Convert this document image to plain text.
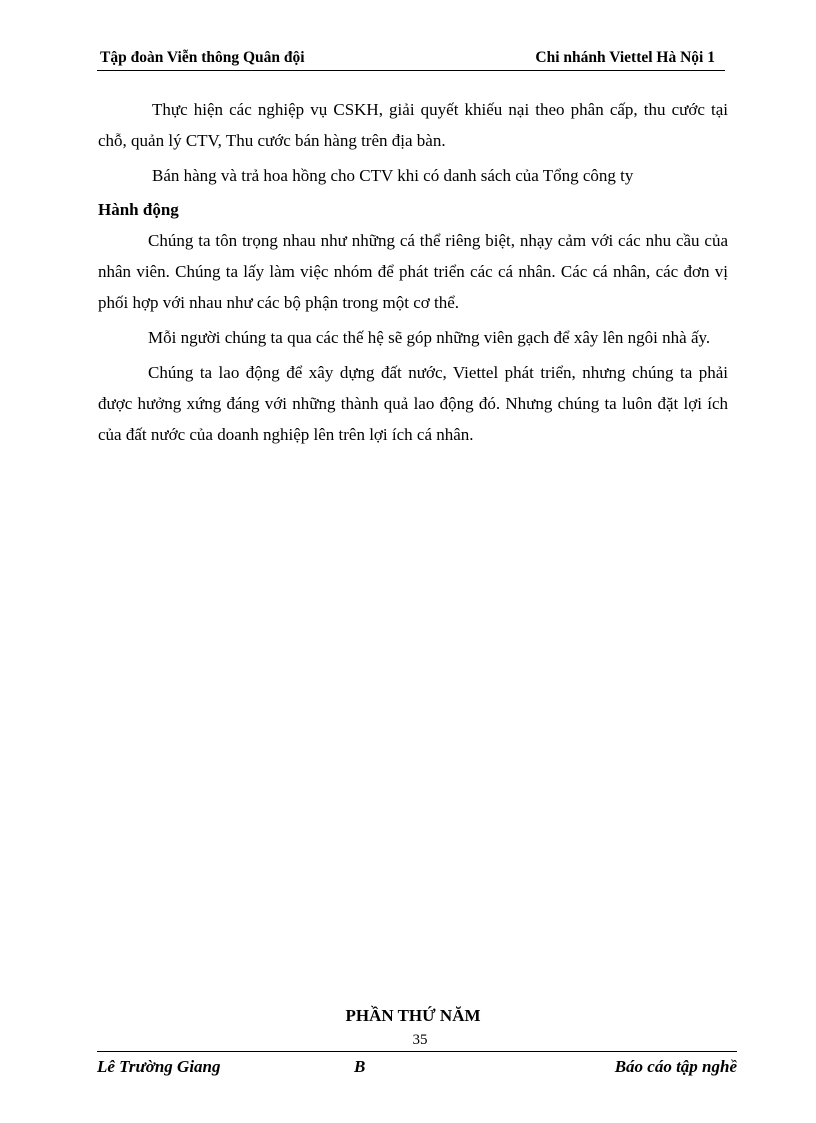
Tập đoàn Viễn thông Quân đội	Chi nhánh Viettel Hà Nội 1

Thực hiện các nghiệp vụ CSKH, giải quyết khiếu nại theo phân cấp, thu cước tại chỗ, quản lý CTV, Thu cước bán hàng trên địa bàn.

Bán hàng và trả hoa hồng cho CTV khi có danh sách của Tổng công ty

Hành động

Chúng ta tôn trọng nhau như những cá thể riêng biệt, nhạy cảm với các nhu cầu của nhân viên. Chúng ta lấy làm việc nhóm để phát triển các cá nhân. Các cá nhân, các đơn vị phối hợp với nhau như các bộ phận trong một cơ thể.

Mỗi người chúng ta qua các thế hệ sẽ góp những viên gạch để xây lên ngôi nhà ấy.

Chúng ta lao động để xây dựng đất nước, Viettel phát triển, nhưng chúng ta phải được hưởng xứng đáng với những thành quả lao động đó. Nhưng chúng ta luôn đặt lợi ích của đất nước của doanh nghiệp lên trên lợi ích cá nhân.

PHẦN THỨ NĂM
35
Lê Trường Giang	B	Báo cáo tập nghề
